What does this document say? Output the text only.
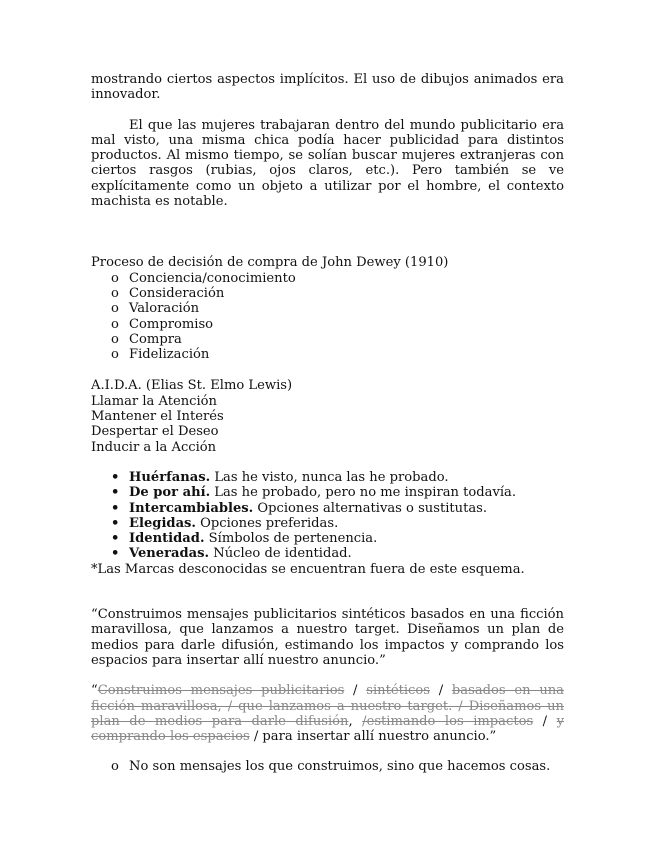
mostrando ciertos aspectos implícitos. El uso de dibujos animados era innovador.

El que las mujeres trabajaran dentro del mundo publicitario era mal visto, una misma chica podía hacer publicidad para distintos productos. Al mismo tiempo, se solían buscar mujeres extranjeras con ciertos rasgos (rubias, ojos claros, etc.). Pero también se ve explícitamente como un objeto a utilizar por el hombre, el contexto machista es notable.

Proceso de decisión de compra de John Dewey (1910)

o Conciencia/conocimiento
o Consideración
o Valoración
o Compromiso
o Compra
o Fidelización

A.I.D.A. (Elias St. Elmo Lewis)

Llamar la Atención

Mantener el Interés

Despertar el Deseo

Inducir a la Acción

• Huérfanas. Las he visto, nunca las he probado.
• De por ahí. Las he probado, pero no me inspiran todavía.
• Intercambiables. Opciones alternativas o sustitutas.
• Elegidas. Opciones preferidas.
• Identidad. Símbolos de pertenencia.
• Veneradas. Núcleo de identidad.

*Las Marcas desconocidas se encuentran fuera de este esquema.

“Construimos mensajes publicitarios sintéticos basados en una ficción maravillosa, que lanzamos a nuestro target. Diseñamos un plan de medios para darle difusión, estimando los impactos y comprando los espacios para insertar allí nuestro anuncio.”

“Construimos mensajes publicitarios / sintéticos / basados en una ficción maravillosa, / que lanzamos a nuestro target. / Diseñamos un plan de medios para darle difusión, /estimando los impactos / y comprando los espacios / para insertar allí nuestro anuncio.”

o No son mensajes los que construimos, sino que hacemos cosas.
